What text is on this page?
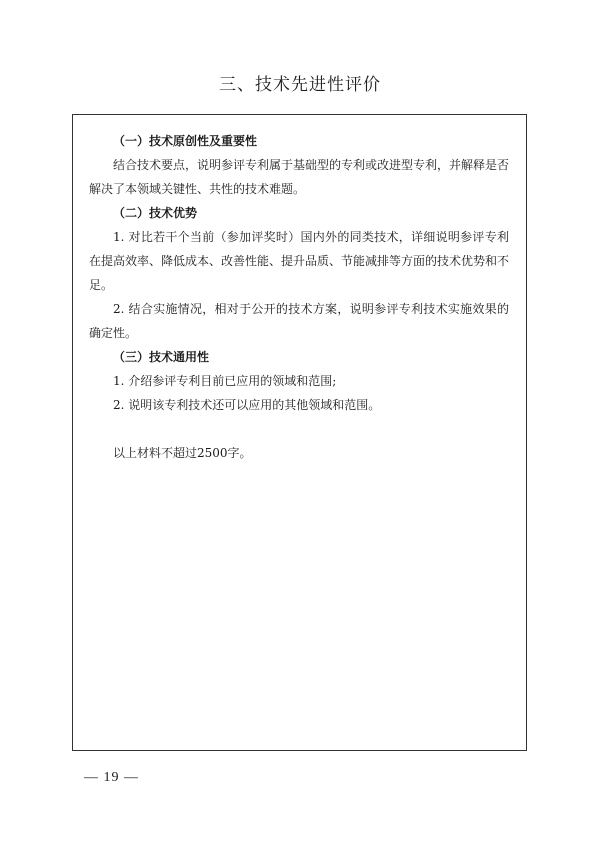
三、技术先进性评价

（一）技术原创性及重要性

结合技术要点，说明参评专利属于基础型的专利或改进型专利，并解释是否解决了本领域关键性、共性的技术难题。

（二）技术优势

1. 对比若干个当前（参加评奖时）国内外的同类技术，详细说明参评专利在提高效率、降低成本、改善性能、提升品质、节能减排等方面的技术优势和不足。

2. 结合实施情况，相对于公开的技术方案，说明参评专利技术实施效果的确定性。

（三）技术通用性

1. 介绍参评专利目前已应用的领域和范围;

2. 说明该专利技术还可以应用的其他领域和范围。

以上材料不超过2500字。

— 19 —
